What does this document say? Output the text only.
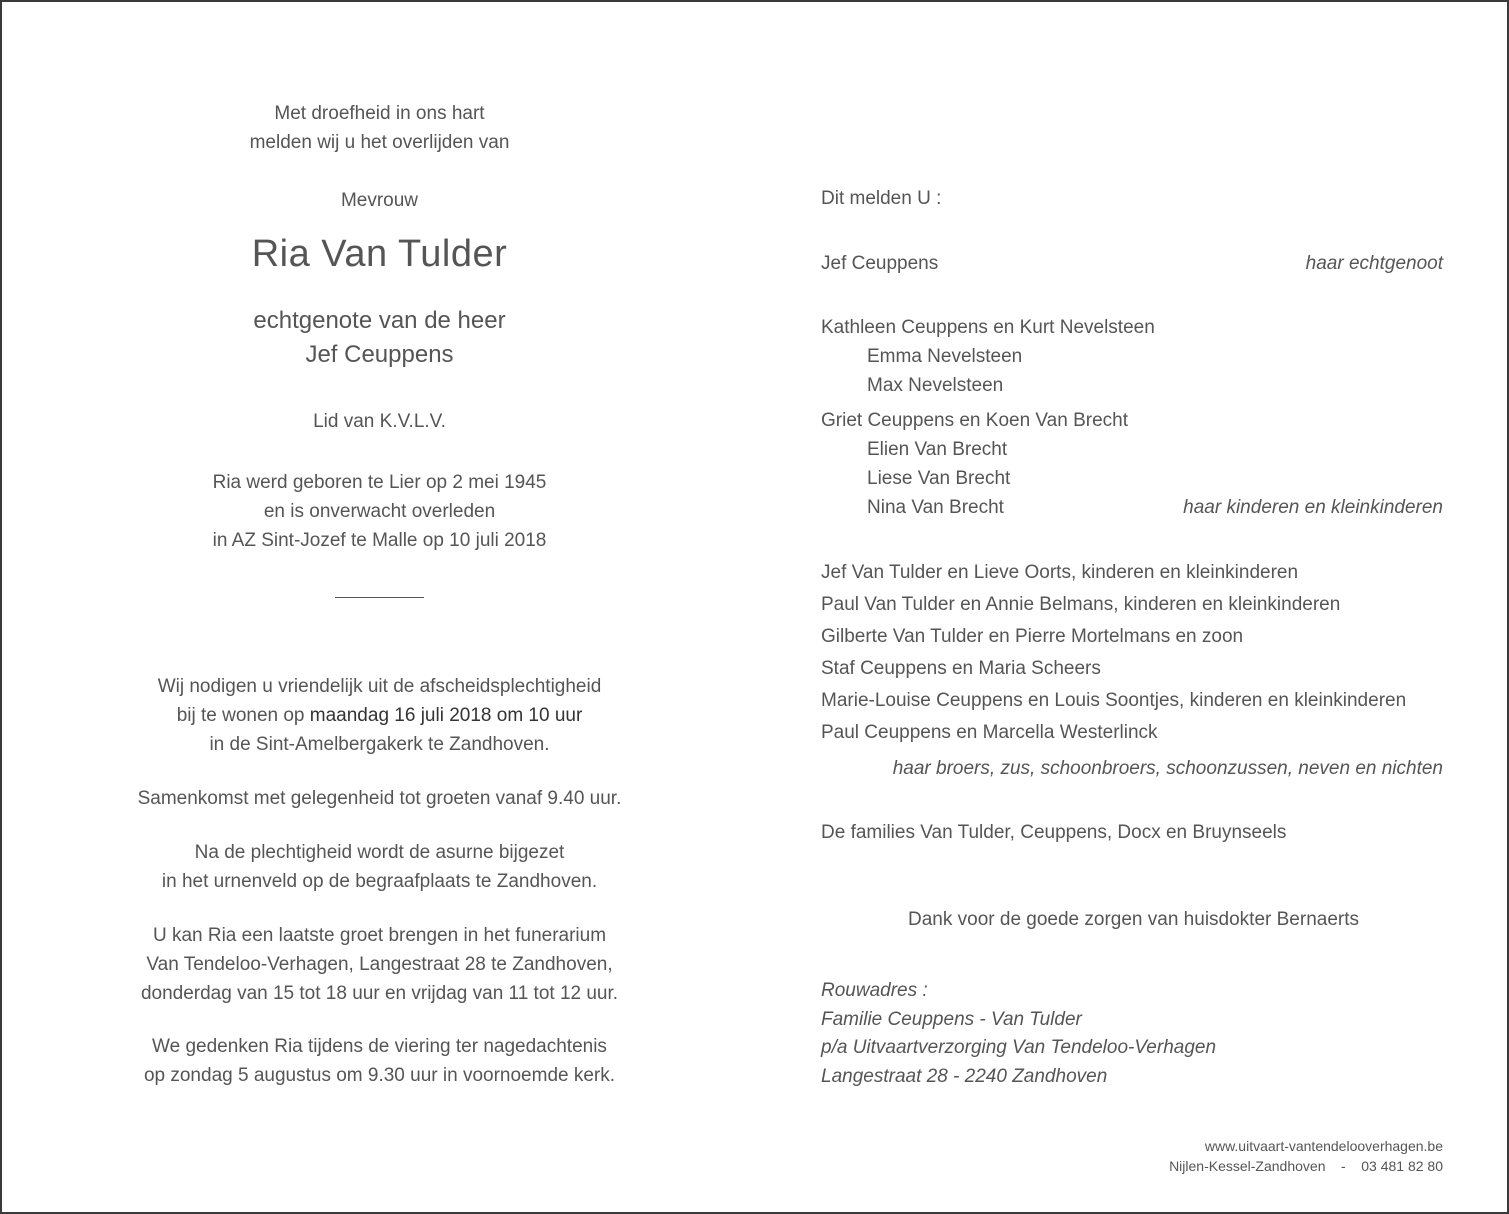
Met droefheid in ons hart
melden wij u het overlijden van
Mevrouw
Ria Van Tulder
echtgenote van de heer
Jef Ceuppens
Lid van K.V.L.V.
Ria werd geboren te Lier op 2 mei 1945
en is onverwacht overleden
in AZ Sint-Jozef te Malle op 10 juli 2018
Wij nodigen u vriendelijk uit de afscheidsplechtigheid
bij te wonen op maandag 16 juli 2018 om 10 uur
in de Sint-Amelbergakerk te Zandhoven.
Samenkomst met gelegenheid tot groeten vanaf 9.40 uur.
Na de plechtigheid wordt de asurne bijgezet
in het urnenveld op de begraafplaats te Zandhoven.
U kan Ria een laatste groet brengen in het funerarium
Van Tendeloo-Verhagen, Langestraat 28 te Zandhoven,
donderdag van 15 tot 18 uur en vrijdag van 11 tot 12 uur.
We gedenken Ria tijdens de viering ter nagedachtenis
op zondag 5 augustus om 9.30 uur in voornoemde kerk.
Dit melden U :
Jef Ceuppens	haar echtgenoot
Kathleen Ceuppens en Kurt Nevelsteen
Emma Nevelsteen
Max Nevelsteen
Griet Ceuppens en Koen Van Brecht
Elien Van Brecht
Liese Van Brecht
Nina Van Brecht	haar kinderen en kleinkinderen
Jef Van Tulder en Lieve Oorts, kinderen en kleinkinderen
Paul Van Tulder en Annie Belmans, kinderen en kleinkinderen
Gilberte Van Tulder en Pierre Mortelmans en zoon
Staf Ceuppens en Maria Scheers
Marie-Louise Ceuppens en Louis Soontjes, kinderen en kleinkinderen
Paul Ceuppens en Marcella Westerlinck
haar broers, zus, schoonbroers, schoonzussen, neven en nichten
De families Van Tulder, Ceuppens, Docx en Bruynseels
Dank voor de goede zorgen van huisdokter Bernaerts
Rouwadres :
Familie Ceuppens - Van Tulder
p/a Uitvaartverzorging Van Tendeloo-Verhagen
Langestraat 28 - 2240 Zandhoven
www.uitvaart-vantendelooverhagen.be
Nijlen-Kessel-Zandhoven    -    03 481 82 80
